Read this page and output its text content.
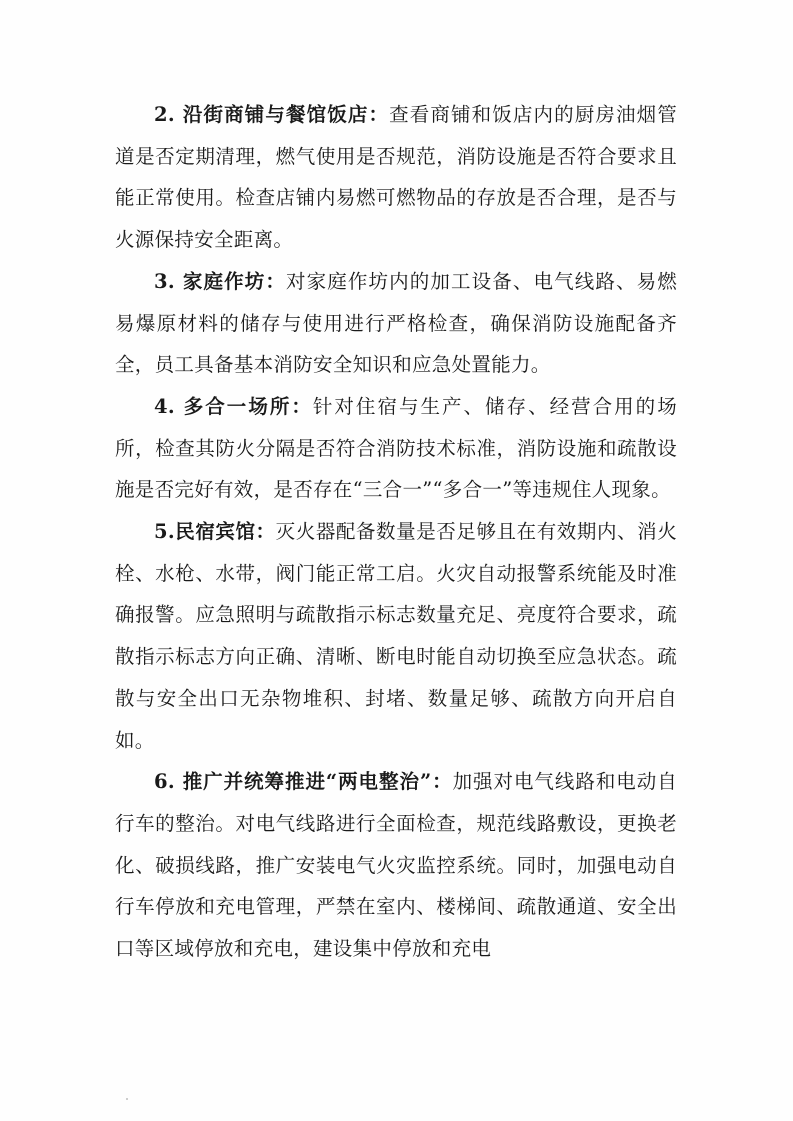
2. 沿街商铺与餐馆饭店：查看商铺和饭店内的厨房油烟管道是否定期清理，燃气使用是否规范，消防设施是否符合要求且能正常使用。检查店铺内易燃可燃物品的存放是否合理，是否与火源保持安全距离。

3. 家庭作坊：对家庭作坊内的加工设备、电气线路、易燃易爆原材料的储存与使用进行严格检查，确保消防设施配备齐全，员工具备基本消防安全知识和应急处置能力。

4. 多合一场所：针对住宿与生产、储存、经营合用的场所，检查其防火分隔是否符合消防技术标准，消防设施和疏散设施是否完好有效，是否存在“三合一”“多合一”等违规住人现象。

5.民宿宾馆：灭火器配备数量是否足够且在有效期内、消火栓、水枪、水带，阀门能正常工启。火灾自动报警系统能及时准确报警。应急照明与疏散指示标志数量充足、亮度符合要求，疏散指示标志方向正确、清晰、断电时能自动切换至应急状态。疏散与安全出口无杂物堆积、封堵、数量足够、疏散方向开启自如。

6. 推广并统筹推进“两电整治”：加强对电气线路和电动自行车的整治。对电气线路进行全面检查，规范线路敷设，更换老化、破损线路，推广安装电气火灾监控系统。同时，加强电动自行车停放和充电管理，严禁在室内、楼梯间、疏散通道、安全出口等区域停放和充电，建设集中停放和充电
